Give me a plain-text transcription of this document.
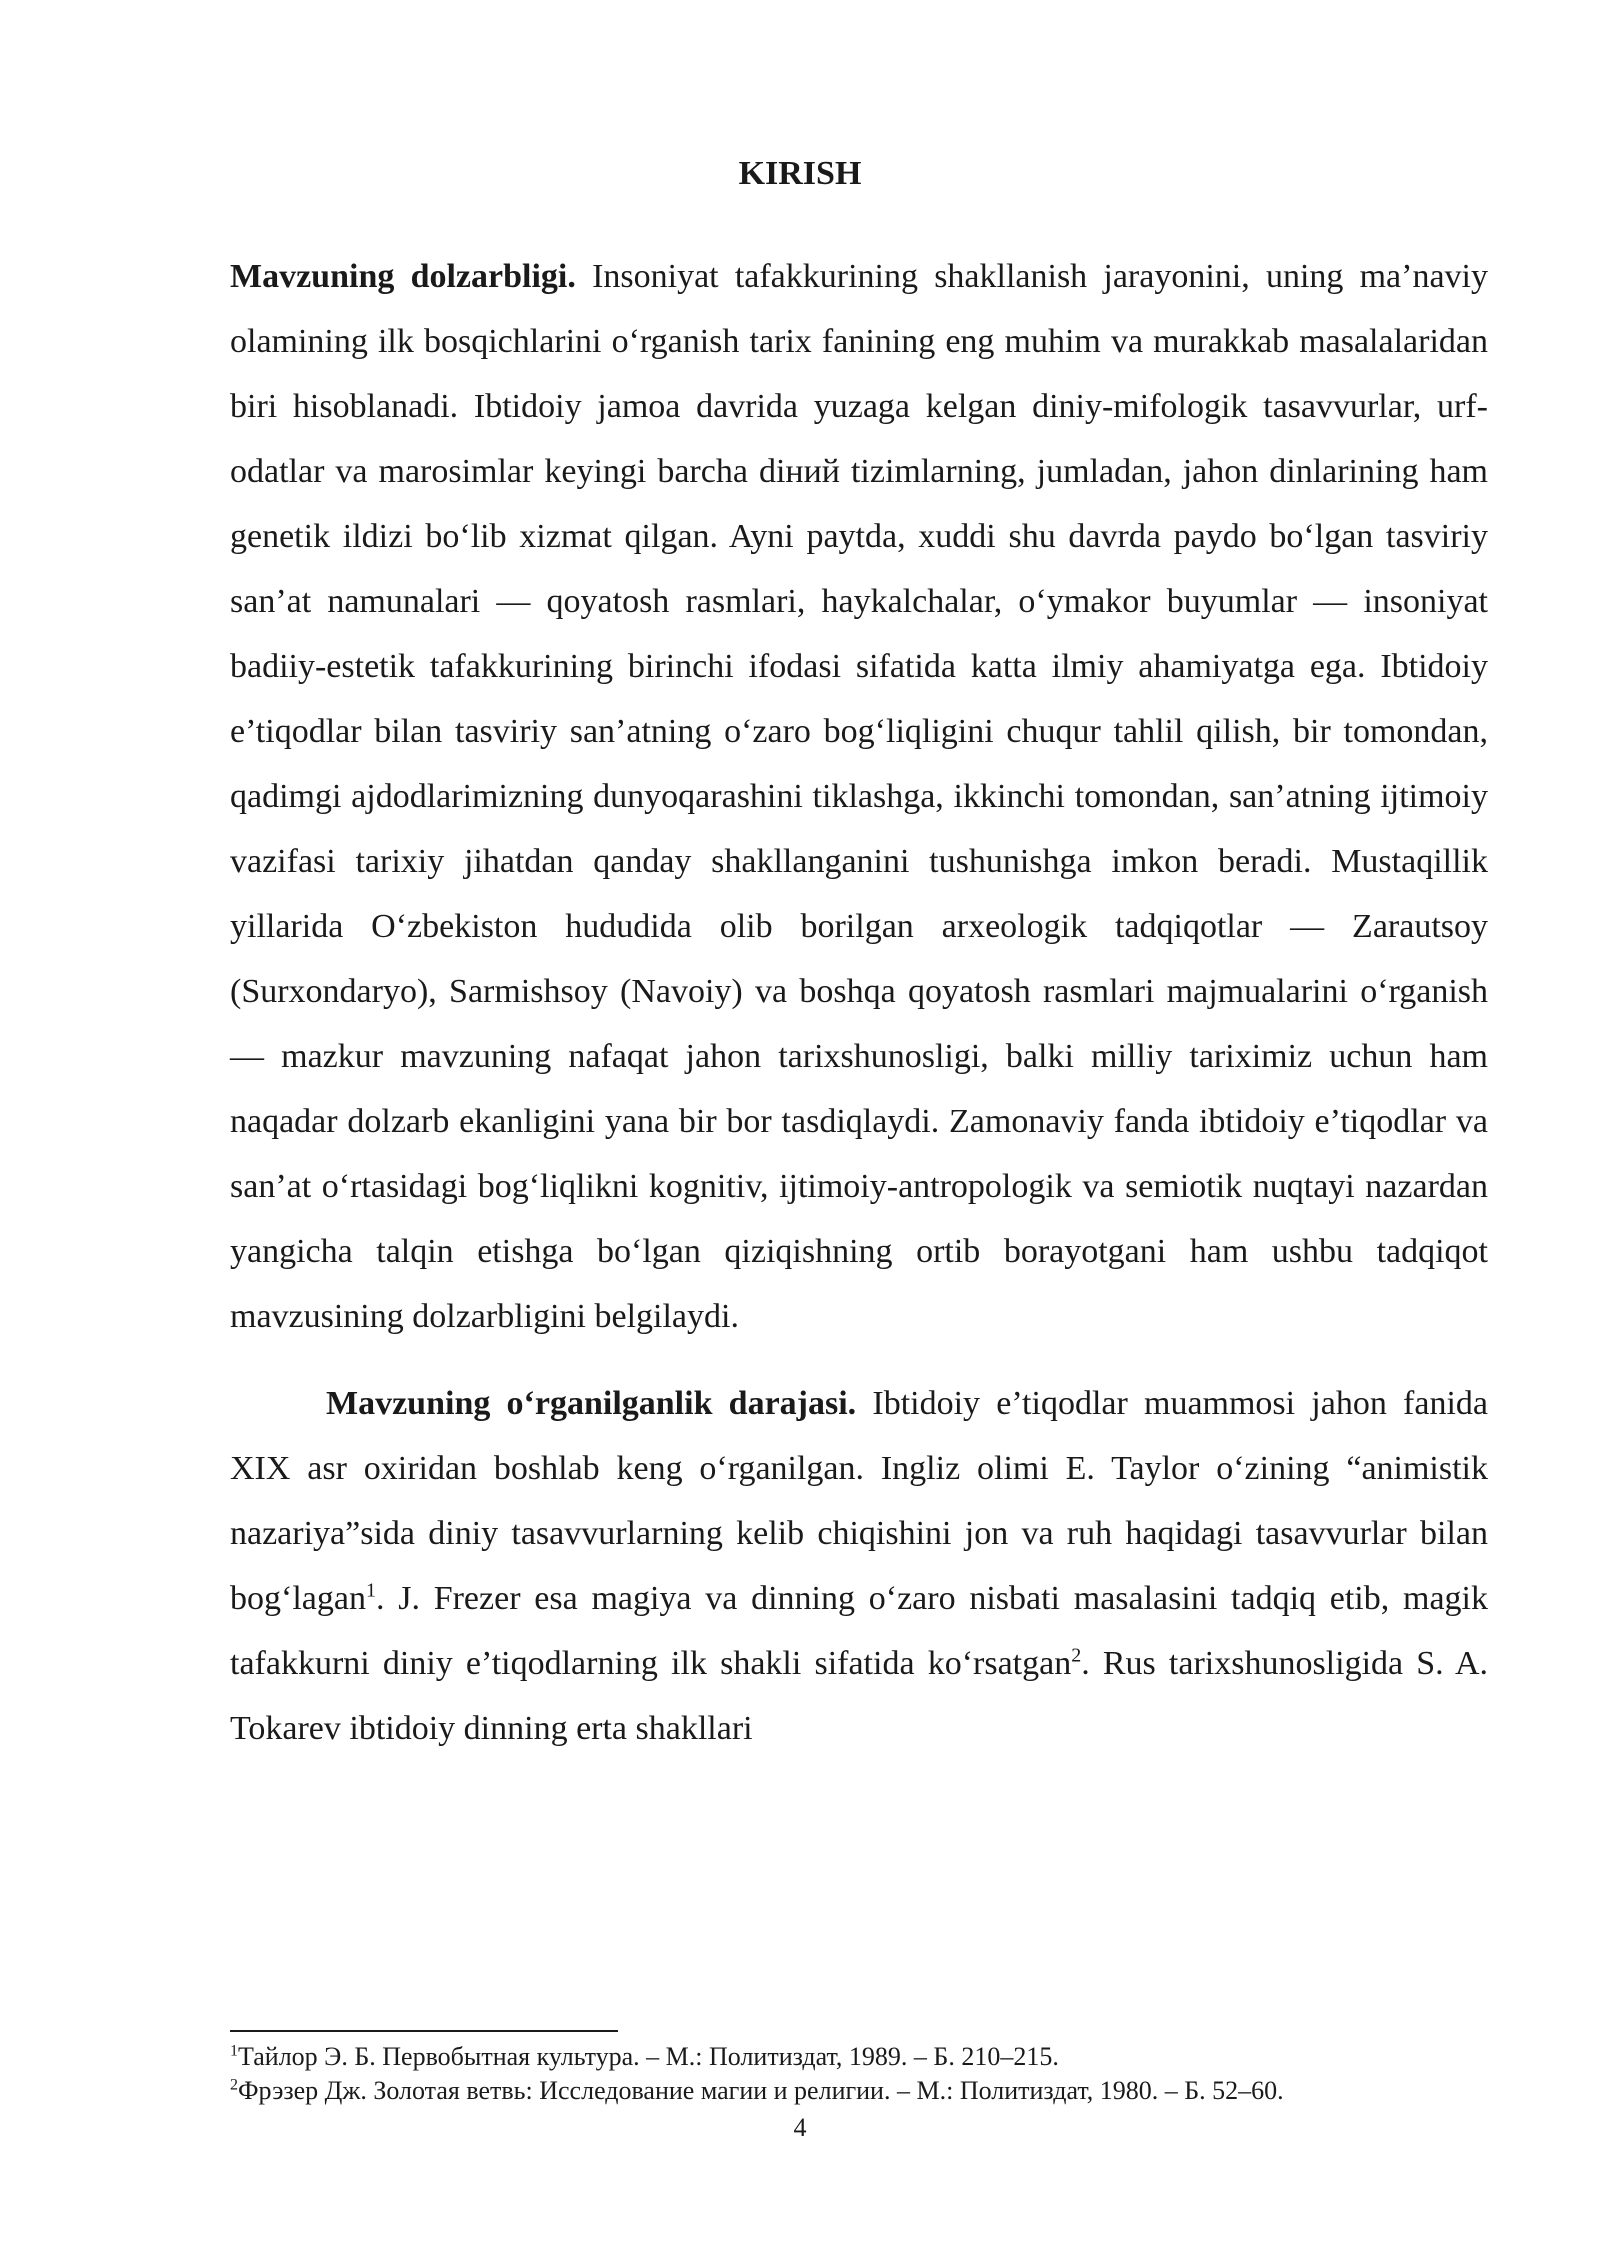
KIRISH

Mavzuning dolzarbligi. Insoniyat tafakkurining shakllanish jarayonini, uning ma’naviy olamining ilk bosqichlarini o‘rganish tarix fanining eng muhim va murakkab masalalaridan biri hisoblanadi. Ibtidoiy jamoa davrida yuzaga kelgan diniy-mifologik tasavvurlar, urf-odatlar va marosimlar keyingi barcha diний tizimlarning, jumladan, jahon dinlarining ham genetik ildizi bo‘lib xizmat qilgan. Ayni paytda, xuddi shu davrda paydo bo‘lgan tasviriy san’at namunalari — qoyatosh rasmlari, haykalchalar, o‘ymakor buyumlar — insoniyat badiiy-estetik tafakkurining birinchi ifodasi sifatida katta ilmiy ahamiyatga ega. Ibtidoiy e’tiqodlar bilan tasviriy san’atning o‘zaro bog‘liqligini chuqur tahlil qilish, bir tomondan, qadimgi ajdodlarimizning dunyoqarashini tiklashga, ikkinchi tomondan, san’atning ijtimoiy vazifasi tarixiy jihatdan qanday shakllanganini tushunishga imkon beradi. Mustaqillik yillarida O‘zbekiston hududida olib borilgan arxeologik tadqiqotlar — Zarautsoy (Surxondaryo), Sarmishsoy (Navoiy) va boshqa qoyatosh rasmlari majmualarini o‘rganish — mazkur mavzuning nafaqat jahon tarixshunosligi, balki milliy tariximiz uchun ham naqadar dolzarb ekanligini yana bir bor tasdiqlaydi. Zamonaviy fanda ibtidoiy e’tiqodlar va san’at o‘rtasidagi bog‘liqlikni kognitiv, ijtimoiy-antropologik va semiotik nuqtayi nazardan yangicha talqin etishga bo‘lgan qiziqishning ortib borayotgani ham ushbu tadqiqot mavzusining dolzarbligini belgilaydi.

Mavzuning o‘rganilganlik darajasi. Ibtidoiy e’tiqodlar muammosi jahon fanida XIX asr oxiridan boshlab keng o‘rganilgan. Ingliz olimi E. Taylor o‘zining “animistik nazariya”sida diniy tasavvurlarning kelib chiqishini jon va ruh haqidagi tasavvurlar bilan bog‘lagan$^1$. J. Frezer esa magiya va dinning o‘zaro nisbati masalasini tadqiq etib, magik tafakkurni diniy e’tiqodlarning ilk shakli sifatida ko‘rsatgan$^2$. Rus tarixshunosligida S. A. Tokarev ibtidoiy dinning erta shakllari

$^1$Тайлор Э. Б. Первобытная культура. – М.: Политиздат, 1989. – Б. 210–215.
$^2$Фрэзер Дж. Золотая ветвь: Исследование магии и религии. – М.: Политиздат, 1980. – Б. 52–60.
4
